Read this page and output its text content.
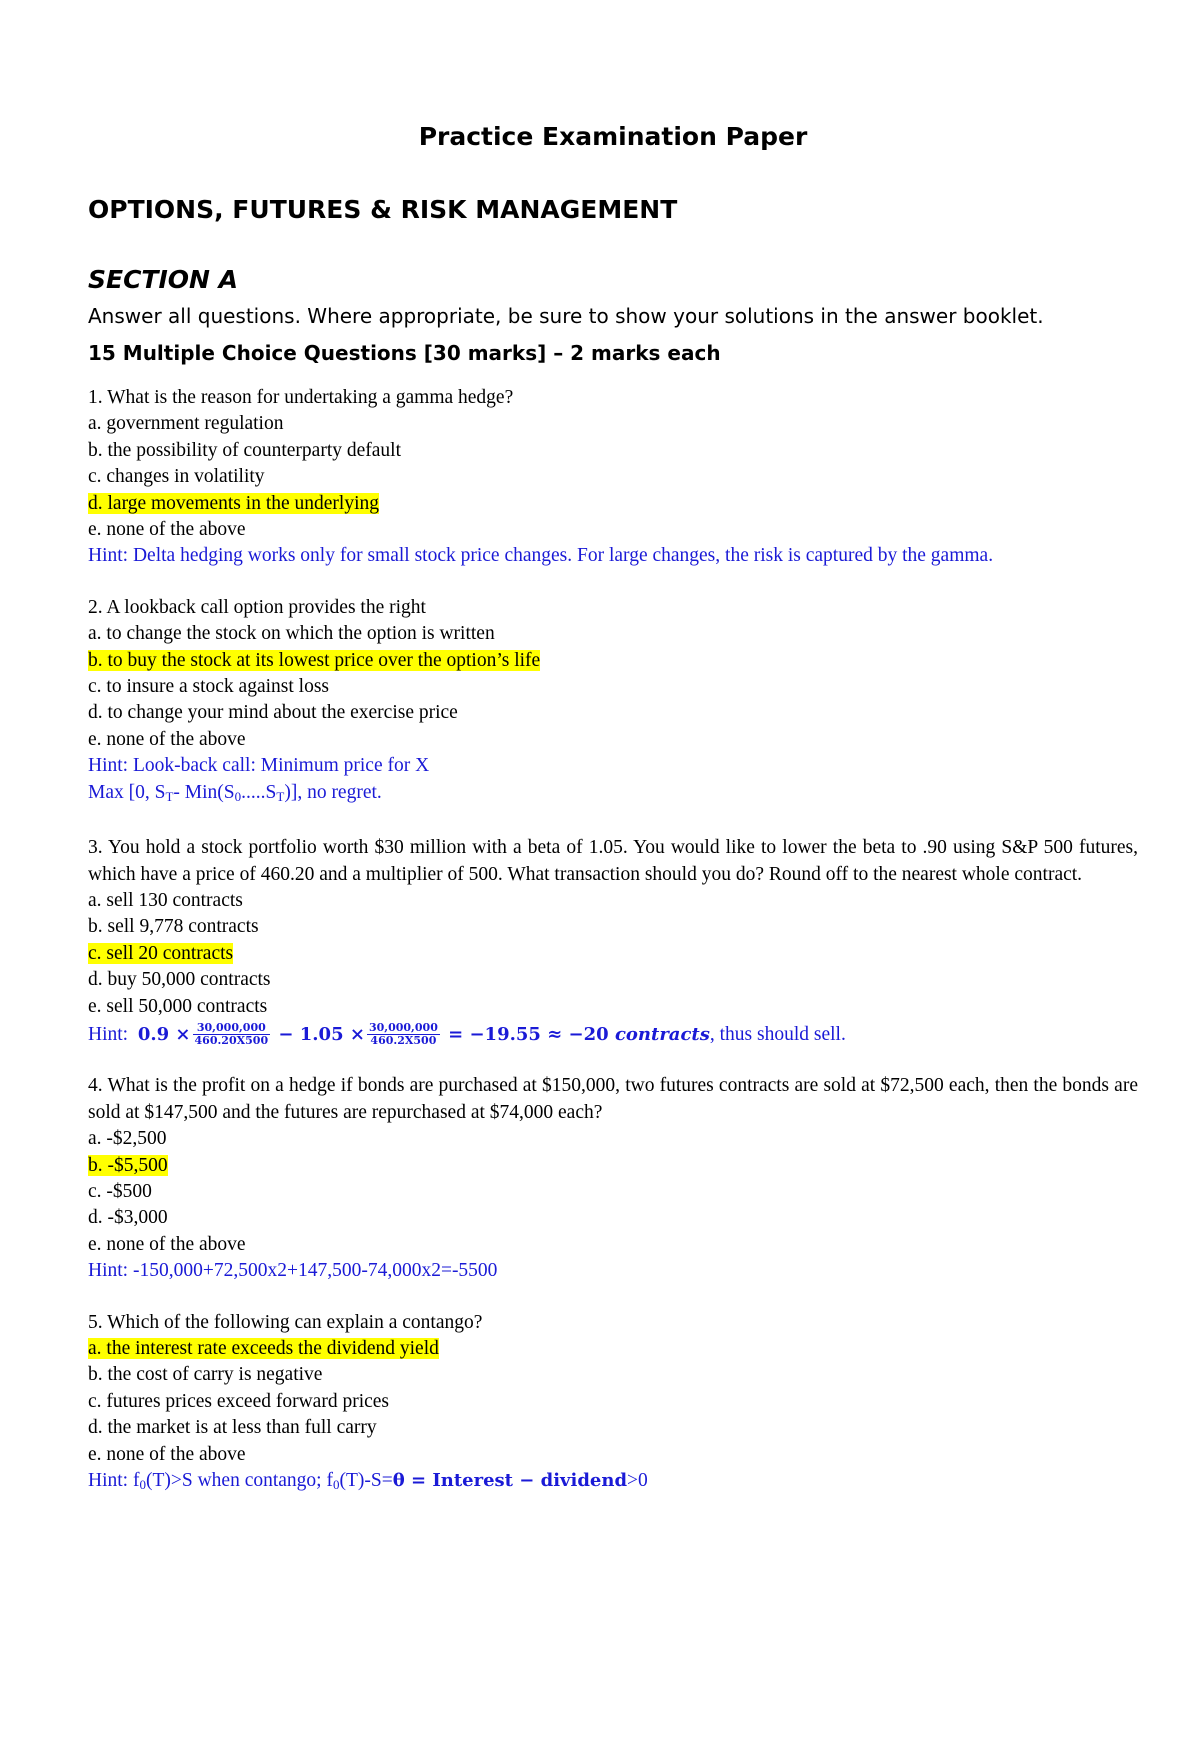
Practice Examination Paper
OPTIONS, FUTURES & RISK MANAGEMENT
SECTION A
Answer all questions. Where appropriate, be sure to show your solutions in the answer booklet.
15 Multiple Choice Questions [30 marks] – 2 marks each
1. What is the reason for undertaking a gamma hedge?
a. government regulation
b. the possibility of counterparty default
c. changes in volatility
d. large movements in the underlying
e. none of the above
Hint: Delta hedging works only for small stock price changes. For large changes, the risk is captured by the gamma.
2. A lookback call option provides the right
a. to change the stock on which the option is written
b. to buy the stock at its lowest price over the option’s life
c. to insure a stock against loss
d. to change your mind about the exercise price
e. none of the above
Hint: Look-back call: Minimum price for X
Max [0, $S_T-$ $Min(S_0.....S_T)$], no regret.
3. You hold a stock portfolio worth $30 million with a beta of 1.05. You would like to lower the beta to .90 using S&P 500 futures, which have a price of 460.20 and a multiplier of 500. What transaction should you do? Round off to the nearest whole contract.
a. sell 130 contracts
b. sell 9,778 contracts
c. sell 20 contracts
d. buy 50,000 contracts
e. sell 50,000 contracts
Hint: $0.9 \times \frac{30,000,000}{460.20X500} - 1.05 \times \frac{30,000,000}{460.2X500} = -19.55 \approx -20$ contracts, thus should sell.
4. What is the profit on a hedge if bonds are purchased at $150,000, two futures contracts are sold at $72,500 each, then the bonds are sold at $147,500 and the futures are repurchased at $74,000 each?
a. -$2,500
b. -$5,500
c. -$500
d. -$3,000
e. none of the above
Hint: -150,000+72,500x2+147,500-74,000x2=-5500
5. Which of the following can explain a contango?
a. the interest rate exceeds the dividend yield
b. the cost of carry is negative
c. futures prices exceed forward prices
d. the market is at less than full carry
e. none of the above
Hint: $f_0(T)>S$ when contango; $f_0(T)-S=\theta$ = Interest − dividend>0
